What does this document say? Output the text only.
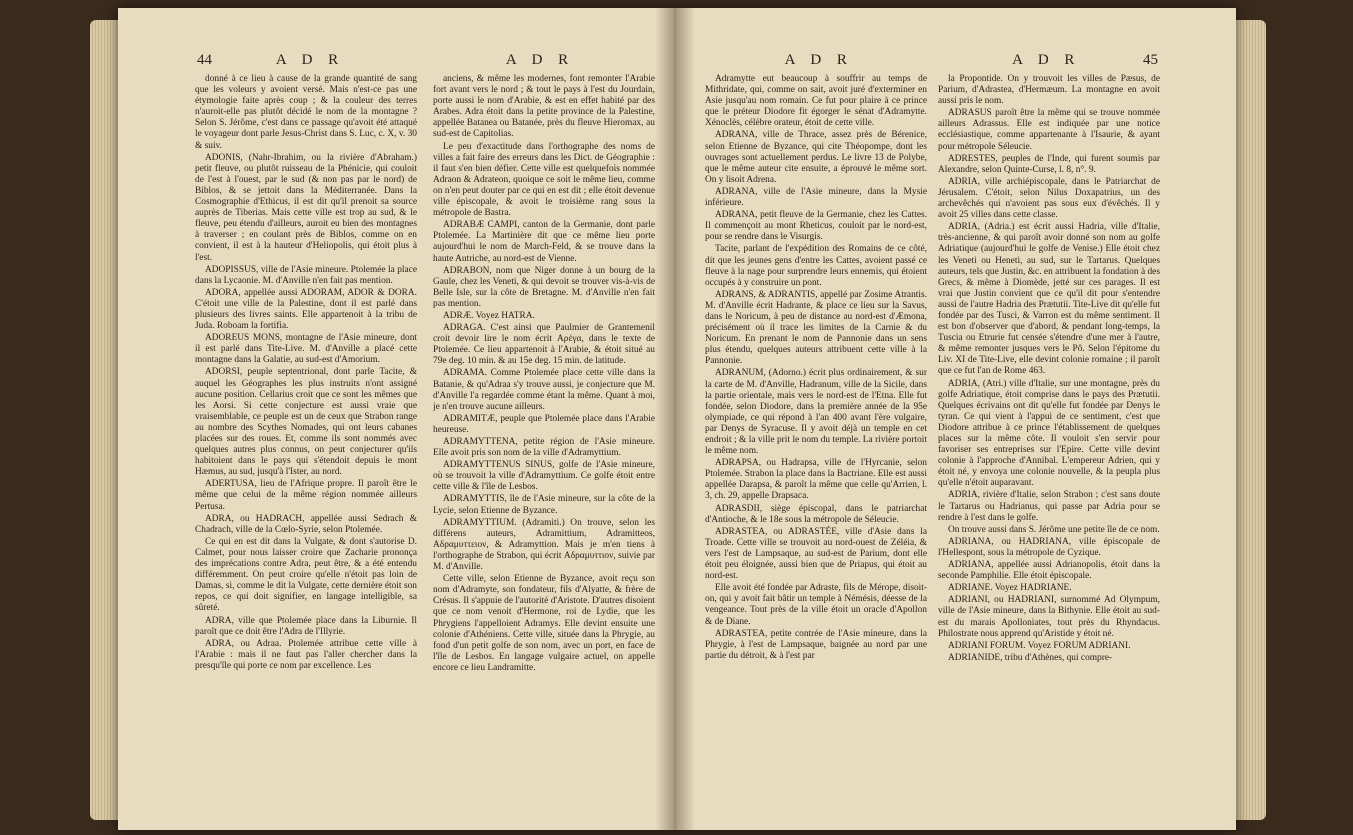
44	A D R	A D R

donné à ce lieu à cause de la grande quantité de sang que les voleurs y avoient versé. Mais n'est-ce pas une étymologie faite après coup ; & la couleur des terres n'auroit-elle pas plutôt décidé le nom de la montagne ? Selon S. Jérôme, c'est dans ce passage qu'avoit été attaqué le voyageur dont parle Jesus-Christ dans S. Luc, c. X, v. 30 & suiv.

ADONIS, (Nahr-Ibrahim, ou la rivière d'Abraham.) petit fleuve, ou plutôt ruisseau de la Phénicie, qui couloit de l'est à l'ouest, par le sud (& non pas par le nord) de Biblos, & se jettoit dans la Méditerranée. Dans la Cosmographie d'Ethicus, il est dit qu'il prenoit sa source auprès de Tiberias. Mais cette ville est trop au sud, & le fleuve, peu étendu d'ailleurs, auroit eu bien des montagnes à traverser ; en coulant près de Biblos, comme on en convient, il est à la hauteur d'Heliopolis, qui étoit plus à l'est.

ADOPISSUS, ville de l'Asie mineure. Ptolemée la place dans la Lycaonie. M. d'Anville n'en fait pas mention.

ADORA, appellée aussi ADORAM, ADOR & DORA. C'étoit une ville de la Palestine, dont il est parlé dans plusieurs des livres saints. Elle appartenoit à la tribu de Juda. Roboam la fortifia.

ADOREUS MONS, montagne de l'Asie mineure, dont il est parlé dans Tite-Live. M. d'Anville a placé cette montagne dans la Galatie, au sud-est d'Amorium.

ADORSI, peuple septentrional, dont parle Tacite, & auquel les Géographes les plus instruits n'ont assigné aucune position. Cellarius croit que ce sont les mêmes que les Aorsi. Si cette conjecture est aussi vraie que vraisemblable, ce peuple est un de ceux que Strabon range au nombre des Scythes Nomades, qui ont leurs cabanes placées sur des roues. Et, comme ils sont nommés avec quelques autres plus connus, on peut conjecturer qu'ils habitoient dans le pays qui s'étendoit depuis le mont Hæmus, au sud, jusqu'à l'Ister, au nord.

ADERTUSA, lieu de l'Afrique propre. Il paroît être le même que celui de la même région nommée ailleurs Pertusa.

ADRA, ou HADRACH, appellée aussi Sedrach & Chadrach, ville de la Cœlo-Syrie, selon Ptolemée.

Ce qui en est dit dans la Vulgate, & dont s'autorise D. Calmet, pour nous laisser croire que Zacharie prononça des imprécations contre Adra, peut être, & a été entendu différemment. On peut croire qu'elle n'étoit pas loin de Damas, si, comme le dit la Vulgate, cette dernière étoit son repos, ce qui doit signifier, en langage intelligible, sa sûreté.

ADRA, ville que Ptolemée place dans la Liburnie. Il paroît que ce doit être l'Adra de l'Illyrie.

ADRA, ou Adraa. Ptolemée attribue cette ville à l'Arabie : mais il ne faut pas l'aller chercher dans la presqu'île qui porte ce nom par excellence. Les

anciens, & même les modernes, font remonter l'Arabie fort avant vers le nord ; & tout le pays à l'est du Jourdain, porte aussi le nom d'Arabie, & est en effet habité par des Arabes. Adra étoit dans la petite province de la Palestine, appellée Batanea ou Batanée, près du fleuve Hieromax, au sud-est de Capitolias.

Le peu d'exactitude dans l'orthographe des noms de villes a fait faire des erreurs dans les Dict. de Géographie : il faut s'en bien défier. Cette ville est quelquefois nommée Adraon & Adrateon, quoique ce soit le même lieu, comme on n'en peut douter par ce qui en est dit ; elle étoit devenue ville épiscopale, & avoit le troisième rang sous la métropole de Bastra.

ADRABÆ CAMPI, canton de la Germanie, dont parle Ptolemée. La Martinière dit que ce même lieu porte aujourd'hui le nom de March-Feld, & se trouve dans la haute Autriche, au nord-est de Vienne.

ADRABON, nom que Niger donne à un bourg de la Gaule, chez les Veneti, & qui devoit se trouver vis-à-vis de Belle Isle, sur la côte de Bretagne. M. d'Anville n'en fait pas mention.

ADRÆ. Voyez HATRA.

ADRAGA. C'est ainsi que Paulmier de Grantemenil croit devoir lire le nom écrit Αρέγα, dans le texte de Ptolemée. Ce lieu appartenoit à l'Arabie, & étoit situé au 79e deg. 10 min. & au 15e deg. 15 min. de latitude.

ADRAMA. Comme Ptolemée place cette ville dans la Batanie, & qu'Adraa s'y trouve aussi, je conjecture que M. d'Anville l'a regardée comme étant la même. Quant à moi, je n'en trouve aucune ailleurs.

ADRAMITÆ, peuple que Ptolemée place dans l'Arabie heureuse.

ADRAMYTTENA, petite région de l'Asie mineure. Elle avoit pris son nom de la ville d'Adramyttium.

ADRAMYTTENUS SINUS, golfe de l'Asie mineure, où se trouvoit la ville d'Adramyttium. Ce golfe étoit entre cette ville & l'île de Lesbos.

ADRAMYTTIS, île de l'Asie mineure, sur la côte de la Lycie, selon Etienne de Byzance.

ADRAMYTTIUM. (Adramiti.) On trouve, selon les différens auteurs, Adramittium, Adramitteos, Αδραμυττειον, & Adramyttion. Mais je m'en tiens à l'orthographe de Strabon, qui écrit Αδραμυττιον, suivie par M. d'Anville.

Cette ville, selon Etienne de Byzance, avoit reçu son nom d'Adramyte, son fondateur, fils d'Alyatte, & frère de Crésus. Il s'appuie de l'autorité d'Aristote. D'autres disoient que ce nom venoit d'Hermone, roi de Lydie, que les Phrygiens l'appelloient Adramys. Elle devint ensuite une colonie d'Athéniens. Cette ville, située dans la Phrygie, au fond d'un petit golfe de son nom, avec un port, en face de l'île de Lesbos. En langage vulgaire actuel, on appelle encore ce lieu Landramitte.

45
A D R	A D R

Adramytte eut beaucoup à souffrir au temps de Mithridate, qui, comme on sait, avoit juré d'exterminer en Asie jusqu'au nom romain. Ce fut pour plaire à ce prince que le préteur Diodore fit égorger le sénat d'Adramytte. Xénoclès, célèbre orateur, étoit de cette ville.

ADRANA, ville de Thrace, assez près de Bérenice, selon Etienne de Byzance, qui cite Théopompe, dont les ouvrages sont actuellement perdus. Le livre 13 de Polybe, que le même auteur cite ensuite, a éprouvé le même sort. On y lisoit Adrena.

ADRANA, ville de l'Asie mineure, dans la Mysie inférieure.

ADRANA, petit fleuve de la Germanie, chez les Cattes. Il commençoit au mont Rheticus, couloit par le nord-est, pour se rendre dans le Visurgis.

Tacite, parlant de l'expédition des Romains de ce côté, dit que les jeunes gens d'entre les Cattes, avoient passé ce fleuve à la nage pour surprendre leurs ennemis, qui étoient occupés à y construire un pont.

ADRANS, & ADRANTIS, appellé par Zosime Atrantis. M. d'Anville écrit Hadrante, & place ce lieu sur la Savus, dans le Noricum, à peu de distance au nord-est d'Æmona, précisément où il trace les limites de la Carnie & du Noricum. En prenant le nom de Pannonie dans un sens plus étendu, quelques auteurs attribuent cette ville à la Pannonie.

ADRANUM, (Adorno.) écrit plus ordinairement, & sur la carte de M. d'Anville, Hadranum, ville de la Sicile, dans la partie orientale, mais vers le nord-est de l'Etna. Elle fut fondée, selon Diodore, dans la première année de la 95e olympiade, ce qui répond à l'an 400 avant l'ère vulgaire, par Denys de Syracuse. Il y avoit déjà un temple en cet endroit ; & la ville prit le nom du temple. La rivière portoit le même nom.

ADRAPSA, ou Hadrapsa, ville de l'Hyrcanie, selon Ptolemée. Strabon la place dans la Bactriane. Elle est aussi appellée Darapsa, & paroît la même que celle qu'Arrien, l. 3, ch. 29, appelle Drapsaca.

ADRASDII, siège épiscopal, dans le patriarchat d'Antioche, & le 18e sous la métropole de Séleucie.

ADRASTEA, ou ADRASTÉE, ville d'Asie dans la Troade. Cette ville se trouvoit au nord-ouest de Zéléia, & vers l'est de Lampsaque, au sud-est de Parium, dont elle étoit peu éloignée, aussi bien que de Priapus, qui étoit au nord-est.

Elle avoit été fondée par Adraste, fils de Mérope, disoit-on, qui y avoit fait bâtir un temple à Némésis, déesse de la vengeance. Tout près de la ville étoit un oracle d'Apollon & de Diane.

ADRASTEA, petite contrée de l'Asie mineure, dans la Phrygie, à l'est de Lampsaque, baignée au nord par une partie du détroit, & à l'est par

la Propontide. On y trouvoit les villes de Pæsus, de Parium, d'Adrastea, d'Hermæum. La montagne en avoit aussi pris le nom.

ADRASUS paroît être la même qui se trouve nommée ailleurs Adrassus. Elle est indiquée par une notice ecclésiastique, comme appartenante à l'Isaurie, & ayant pour métropole Séleucie.

ADRESTES, peuples de l'Inde, qui furent soumis par Alexandre, selon Quinte-Curse, l. 8, n°. 9.

ADRIA, ville archiépiscopale, dans le Patriarchat de Jérusalem. C'étoit, selon Nilus Doxapatrius, un des archevêchés qui n'avoient pas sous eux d'évêchés. Il y avoit 25 villes dans cette classe.

ADRIA, (Adria.) est écrit aussi Hadria, ville d'Italie, très-ancienne, & qui paroît avoir donné son nom au golfe Adriatique (aujourd'hui le golfe de Venise.) Elle étoit chez les Veneti ou Heneti, au sud, sur le Tartarus. Quelques auteurs, tels que Justin, &c. en attribuent la fondation à des Grecs, & même à Diomède, jetté sur ces parages. Il est vrai que Justin convient que ce qu'il dit pour s'entendre aussi de l'autre Hadria des Prætutii. Tite-Live dit qu'elle fut fondée par des Tusci, & Varron est du même sentiment. Il est bon d'observer que d'abord, & pendant long-temps, la Tuscia ou Etrurie fut censée s'étendre d'une mer à l'autre, & même remonter jusques vers le Pô. Selon l'épitome du Liv. XI de Tite-Live, elle devint colonie romaine ; il paroît que ce fut l'an de Rome 463.

ADRIA, (Atri.) ville d'Italie, sur une montagne, près du golfe Adriatique, étoit comprise dans le pays des Prætutii. Quelques écrivains ont dit qu'elle fut fondée par Denys le tyran. Ce qui vient à l'appui de ce sentiment, c'est que Diodore attribue à ce prince l'établissement de quelques places sur la même côte. Il vouloit s'en servir pour favoriser ses entreprises sur l'Epire. Cette ville devint colonie à l'approche d'Annibal. L'empereur Adrien, qui y étoit né, y envoya une colonie nouvelle, & la peupla plus qu'elle n'étoit auparavant.

ADRIA, rivière d'Italie, selon Strabon ; c'est sans doute le Tartarus ou Hadrianus, qui passe par Adria pour se rendre à l'est dans le golfe.

On trouve aussi dans S. Jérôme une petite île de ce nom.

ADRIANA, ou HADRIANA, ville épiscopale de l'Hellespont, sous la métropole de Cyzique.

ADRIANA, appellée aussi Adrianopolis, étoit dans la seconde Pamphilie. Elle étoit épiscopale.

ADRIANE. Voyez HADRIANE.

ADRIANI, ou HADRIANI, surnommé Ad Olympum, ville de l'Asie mineure, dans la Bithynie. Elle étoit au sud-est du marais Apolloniates, tout près du Rhyndacus. Philostrate nous apprend qu'Aristide y étoit né.

ADRIANI FORUM. Voyez FORUM ADRIANI.

ADRIANIDE, tribu d'Athènes, qui compre-
